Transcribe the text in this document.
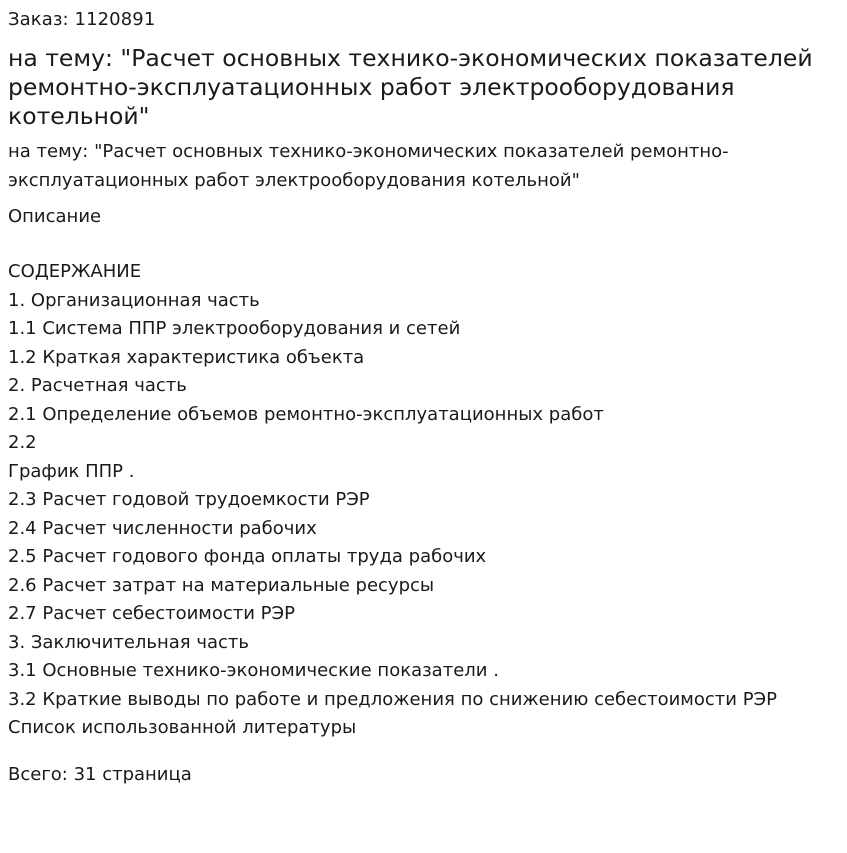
Заказ: 1120891
на тему: "Расчет основных технико-экономических показателей ремонтно-эксплуатационных работ электрооборудования котельной"
на тему: "Расчет основных технико-экономических показателей ремонтно-эксплуатационных работ электрооборудования котельной"
Описание
СОДЕРЖАНИЕ
1. Организационная часть
1.1 Система ППР электрооборудования и сетей
1.2 Краткая характеристика объекта
2. Расчетная часть
2.1 Определение объемов ремонтно-эксплуатационных работ
2.2
График ППР .
2.3 Расчет годовой трудоемкости РЭР
2.4 Расчет численности рабочих
2.5 Расчет годового фонда оплаты труда рабочих
2.6 Расчет затрат на материальные ресурсы
2.7 Расчет себестоимости РЭР
3. Заключительная часть
3.1 Основные технико-экономические показатели .
3.2 Краткие выводы по работе и предложения по снижению себестоимости РЭР
Список использованной литературы
Всего: 31 страница
